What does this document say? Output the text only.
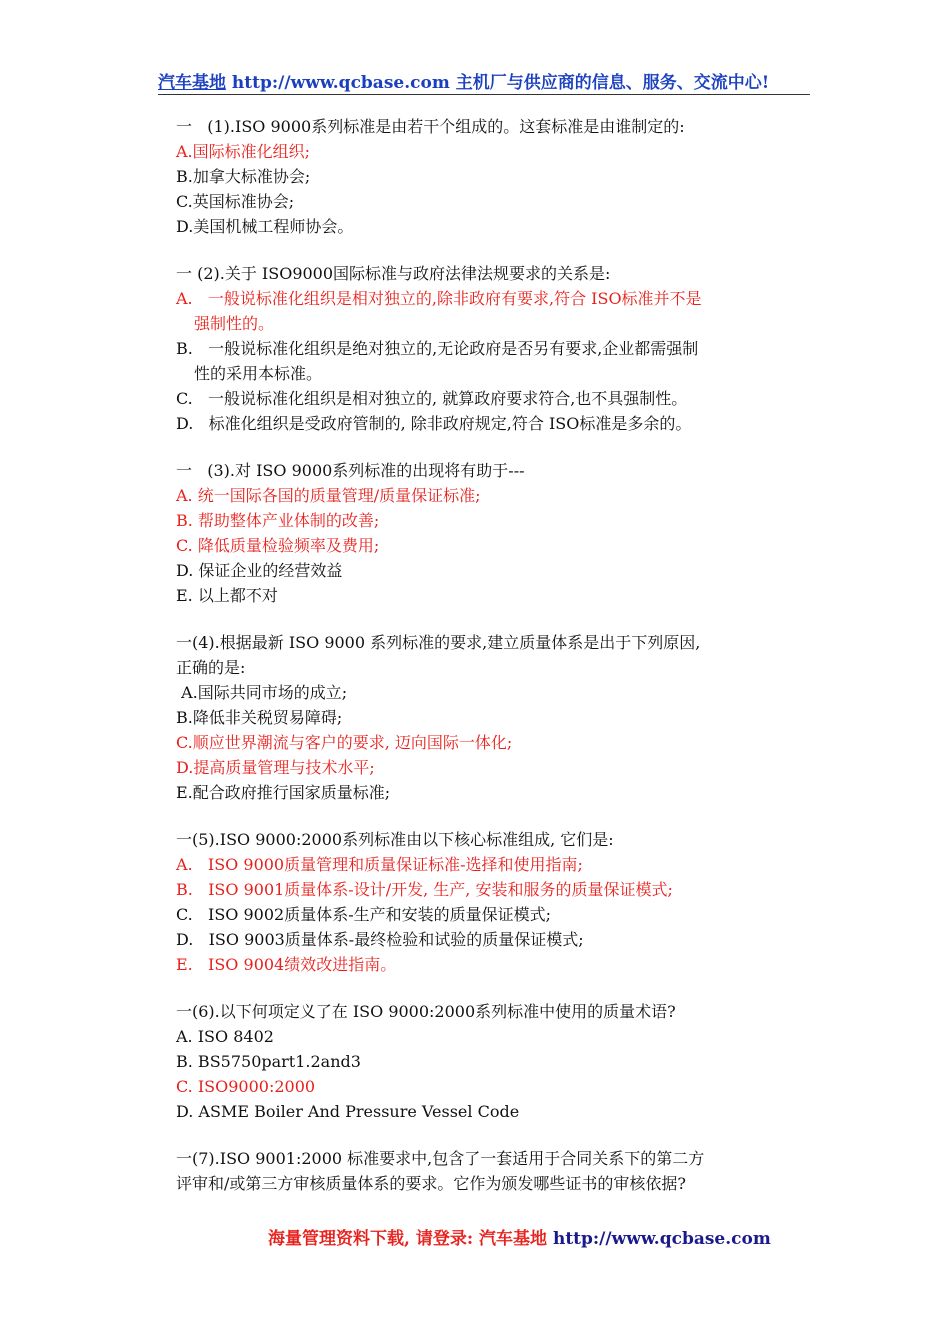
汽车基地 http://www.qcbase.com 主机厂与供应商的信息、服务、交流中心!
一   (1).ISO 9000系列标准是由若干个组成的。这套标准是由谁制定的:
A.国际标准化组织;
B.加拿大标准协会;
C.英国标准协会;
D.美国机械工程师协会。
一 (2).关于 ISO9000国际标准与政府法律法规要求的关系是:
A.   一般说标准化组织是相对独立的,除非政府有要求,符合 ISO标准并不是
强制性的。
B.   一般说标准化组织是绝对独立的,无论政府是否另有要求,企业都需强制
性的采用本标准。
C.   一般说标准化组织是相对独立的, 就算政府要求符合,也不具强制性。
D.   标准化组织是受政府管制的, 除非政府规定,符合 ISO标准是多余的。
一   (3).对 ISO 9000系列标准的出现将有助于---
A. 统一国际各国的质量管理/质量保证标准;
B. 帮助整体产业体制的改善;
C. 降低质量检验频率及费用;
D. 保证企业的经营效益
E. 以上都不对
一(4).根据最新 ISO 9000 系列标准的要求,建立质量体系是出于下列原因,
正确的是:
A.国际共同市场的成立;
B.降低非关税贸易障碍;
C.顺应世界潮流与客户的要求, 迈向国际一体化;
D.提高质量管理与技术水平;
E.配合政府推行国家质量标准;
一(5).ISO 9000:2000系列标准由以下核心标准组成, 它们是:
A.   ISO 9000质量管理和质量保证标准-选择和使用指南;
B.   ISO 9001质量体系-设计/开发, 生产, 安装和服务的质量保证模式;
C.   ISO 9002质量体系-生产和安装的质量保证模式;
D.   ISO 9003质量体系-最终检验和试验的质量保证模式;
E.   ISO 9004绩效改进指南。
一(6).以下何项定义了在 ISO 9000:2000系列标准中使用的质量术语?
A. ISO 8402
B. BS5750part1.2and3
C. ISO9000:2000
D. ASME Boiler And Pressure Vessel Code
一(7).ISO 9001:2000 标准要求中,包含了一套适用于合同关系下的第二方
评审和/或第三方审核质量体系的要求。它作为颁发哪些证书的审核依据?
海量管理资料下载, 请登录: 汽车基地 http://www.qcbase.com
